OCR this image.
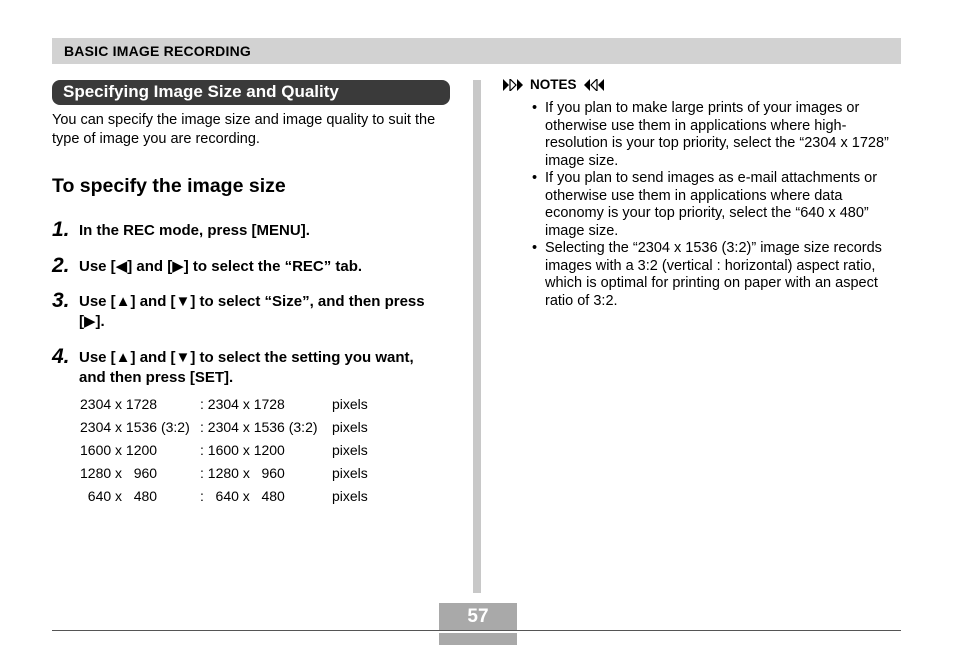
BASIC IMAGE RECORDING
Specifying Image Size and Quality

You can specify the image size and image quality to suit the type of image you are recording.

To specify the image size
1. In the REC mode, press [MENU].
2. Use [◀] and [▶] to select the “REC” tab.
3. Use [▲] and [▼] to select “Size”, and then press [▶].
4. Use [▲] and [▼] to select the setting you want, and then press [SET].
2304 x 1728	: 2304 x 1728	pixels
2304 x 1536 (3:2)	: 2304 x 1536 (3:2)	pixels
1600 x 1200	: 1600 x 1200	pixels
1280 x   960	: 1280 x   960	pixels
640 x   480	:   640 x   480	pixels
NOTES
• If you plan to make large prints of your images or otherwise use them in applications where high-resolution is your top priority, select the “2304 x 1728” image size.
• If you plan to send images as e-mail attachments or otherwise use them in applications where data economy is your top priority, select the “640 x 480” image size.
• Selecting the “2304 x 1536 (3:2)” image size records images with a 3:2 (vertical : horizontal) aspect ratio, which is optimal for printing on paper with an aspect ratio of 3:2.
57
